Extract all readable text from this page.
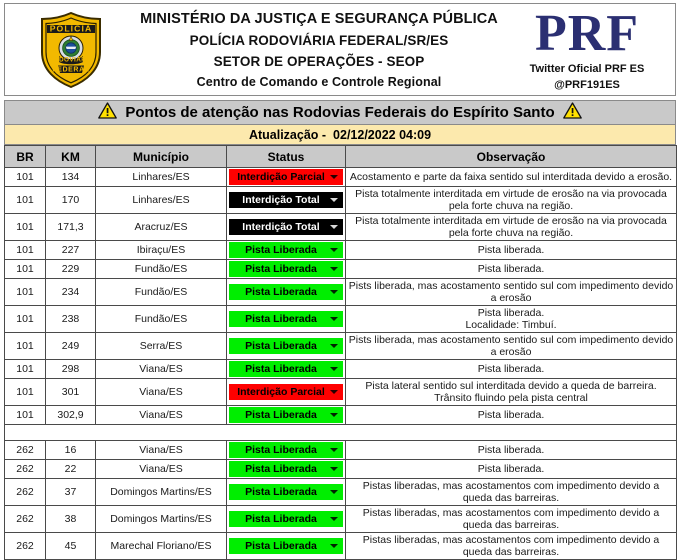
POLICIA
RODOVIÁRIA
FEDERAL
MINISTÉRIO DA JUSTIÇA E SEGURANÇA PÚBLICA
POLÍCIA RODOVIÁRIA FEDERAL/SR/ES
SETOR DE OPERAÇÕES - SEOP
Centro de Comando e Controle Regional
PRF
Twitter Oficial PRF ES
@PRF191ES
Pontos de atenção nas Rodovias Federais do Espírito Santo
Atualização - 02/12/2022 04:09
BR	KM	Município	Status	Observação
101	134	Linhares/ES	Interdição Parcial	Acostamento e parte da faixa sentido sul interditada devido a erosão.
101	170	Linhares/ES	Interdição Total	Pista totalmente interditada em virtude de erosão na via provocada pela forte chuva na região.
101	171,3	Aracruz/ES	Interdição Total	Pista totalmente interditada em virtude de erosão na via provocada pela forte chuva na região.
101	227	Ibiraçu/ES	Pista Liberada	Pista liberada.
101	229	Fundão/ES	Pista Liberada	Pista liberada.
101	234	Fundão/ES	Pista Liberada	Pists liberada, mas acostamento sentido sul com impedimento devido a erosão
101	238	Fundão/ES	Pista Liberada	Pista liberada.
Localidade: Timbuí.
101	249	Serra/ES	Pista Liberada	Pists liberada, mas acostamento sentido sul com impedimento devido a erosão
101	298	Viana/ES	Pista Liberada	Pista liberada.
101	301	Viana/ES	Interdição Parcial	Pista lateral sentido sul interditada devido a queda de barreira. Trânsito fluindo pela pista central
101	302,9	Viana/ES	Pista Liberada	Pista liberada.

262	16	Viana/ES	Pista Liberada	Pista liberada.
262	22	Viana/ES	Pista Liberada	Pista liberada.
262	37	Domingos Martins/ES	Pista Liberada	Pistas liberadas, mas acostamentos com impedimento devido a queda das barreiras.
262	38	Domingos Martins/ES	Pista Liberada	Pistas liberadas, mas acostamentos com impedimento devido a queda das barreiras.
262	45	Marechal Floriano/ES	Pista Liberada	Pistas liberadas, mas acostamentos com impedimento devido a queda das barreiras.
